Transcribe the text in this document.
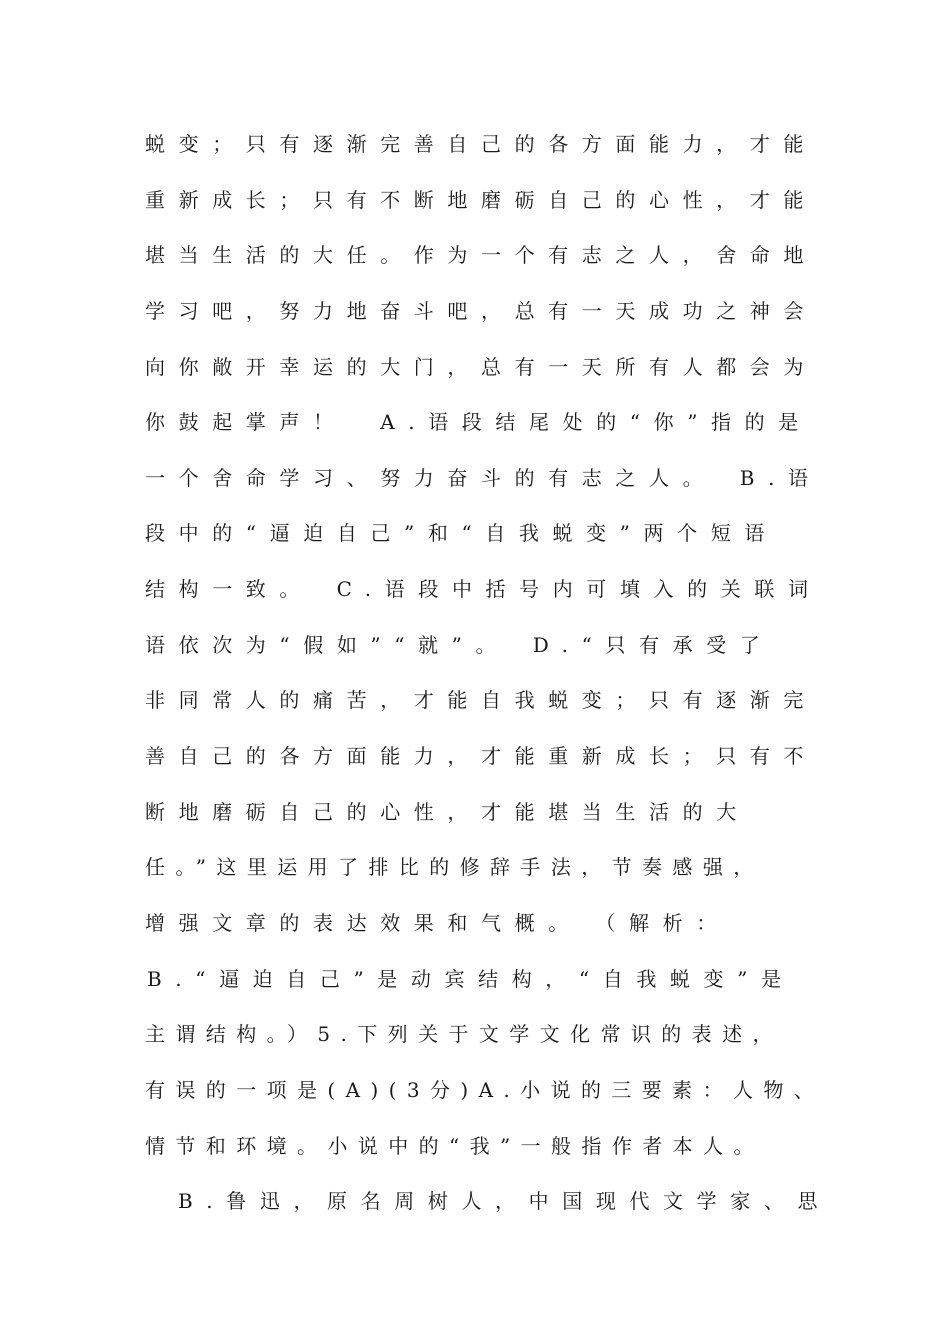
蜕变；只有逐渐完善自己的各方面能力，才能
重新成长；只有不断地磨砺自己的心性，才能
堪当生活的大任。作为一个有志之人，舍命地
学习吧，努力地奋斗吧，总有一天成功之神会
向你敞开幸运的大门，总有一天所有人都会为
你鼓起掌声！　A.语段结尾处的“你”指的是
一个舍命学习、努力奋斗的有志之人。　B.语
段中的“逼迫自己”和“自我蜕变”两个短语
结构一致。　C.语段中括号内可填入的关联词
语依次为“假如”“就”。　D.“只有承受了
非同常人的痛苦，才能自我蜕变；只有逐渐完
善自己的各方面能力，才能重新成长；只有不
断地磨砺自己的心性，才能堪当生活的大
任。”这里运用了排比的修辞手法，节奏感强，
增强文章的表达效果和气概。　（解析：
B.“逼迫自己”是动宾结构，“自我蜕变”是
主谓结构。）5.下列关于文学文化常识的表述，
有误的一项是(A)(3分)A.小说的三要素：人物、
情节和环境。小说中的“我”一般指作者本人。
B.鲁迅，原名周树人，中国现代文学家、思
